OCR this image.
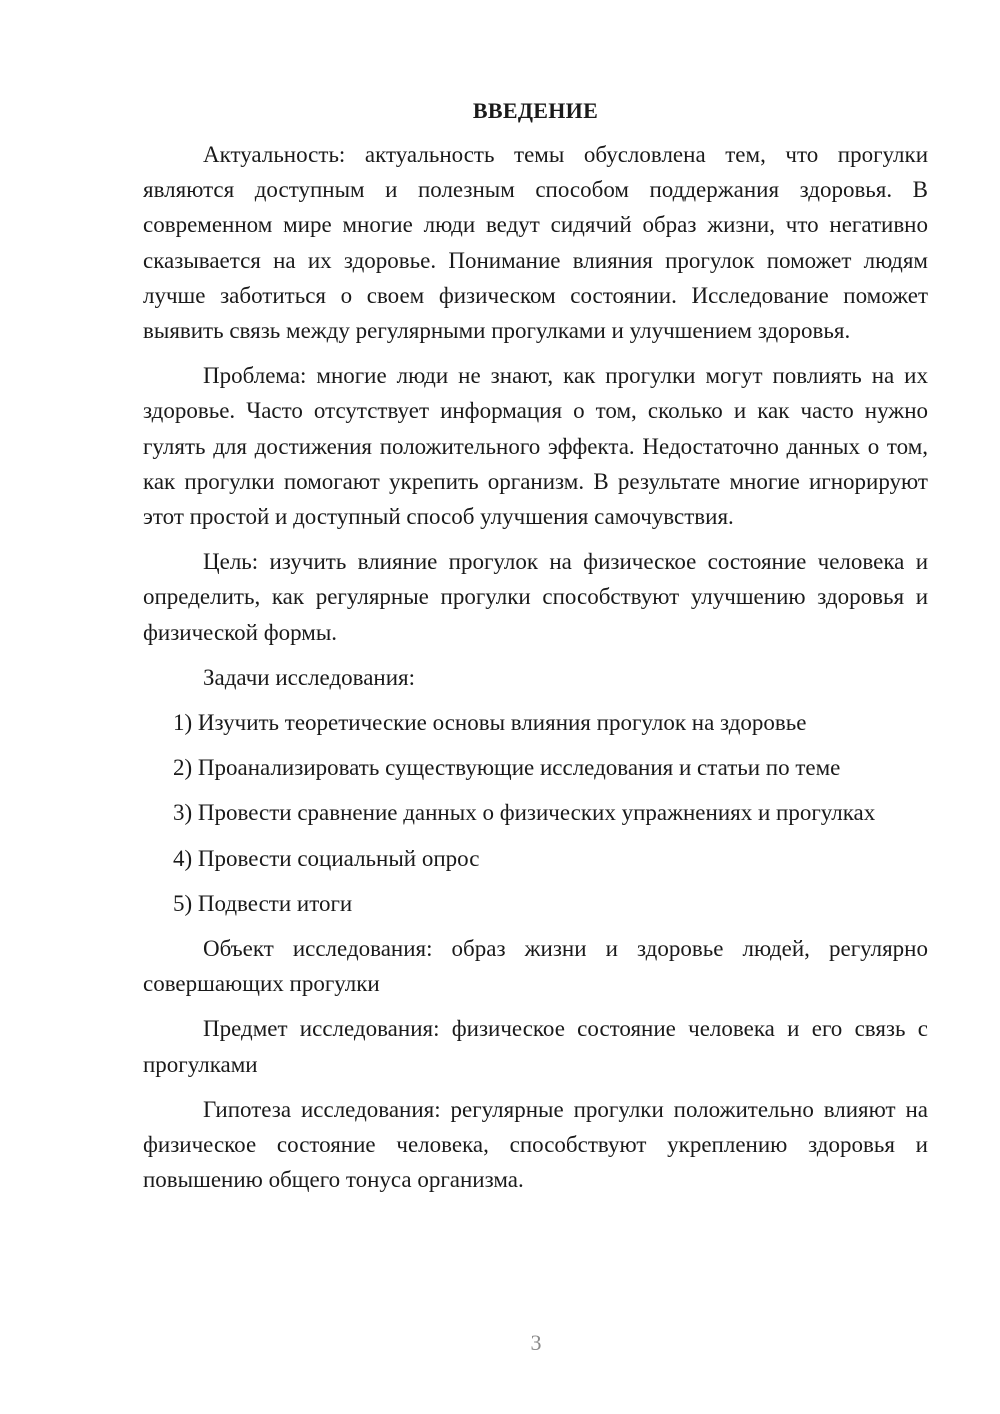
ВВЕДЕНИЕ

Актуальность: актуальность темы обусловлена тем, что прогулки являются доступным и полезным способом поддержания здоровья. В современном мире многие люди ведут сидячий образ жизни, что негативно сказывается на их здоровье. Понимание влияния прогулок поможет людям лучше заботиться о своем физическом состоянии. Исследование поможет выявить связь между регулярными прогулками и улучшением здоровья.

Проблема: многие люди не знают, как прогулки могут повлиять на их здоровье. Часто отсутствует информация о том, сколько и как часто нужно гулять для достижения положительного эффекта. Недостаточно данных о том, как прогулки помогают укрепить организм. В результате многие игнорируют этот простой и доступный способ улучшения самочувствия.

Цель: изучить влияние прогулок на физическое состояние человека и определить, как регулярные прогулки способствуют улучшению здоровья и физической формы.

Задачи исследования:

1) Изучить теоретические основы влияния прогулок на здоровье
2) Проанализировать существующие исследования и статьи по теме
3) Провести сравнение данных о физических упражнениях и прогулках
4) Провести социальный опрос
5) Подвести итоги

Объект исследования: образ жизни и здоровье людей, регулярно совершающих прогулки

Предмет исследования: физическое состояние человека и его связь с прогулками

Гипотеза исследования: регулярные прогулки положительно влияют на физическое состояние человека, способствуют укреплению здоровья и повышению общего тонуса организма.

3
